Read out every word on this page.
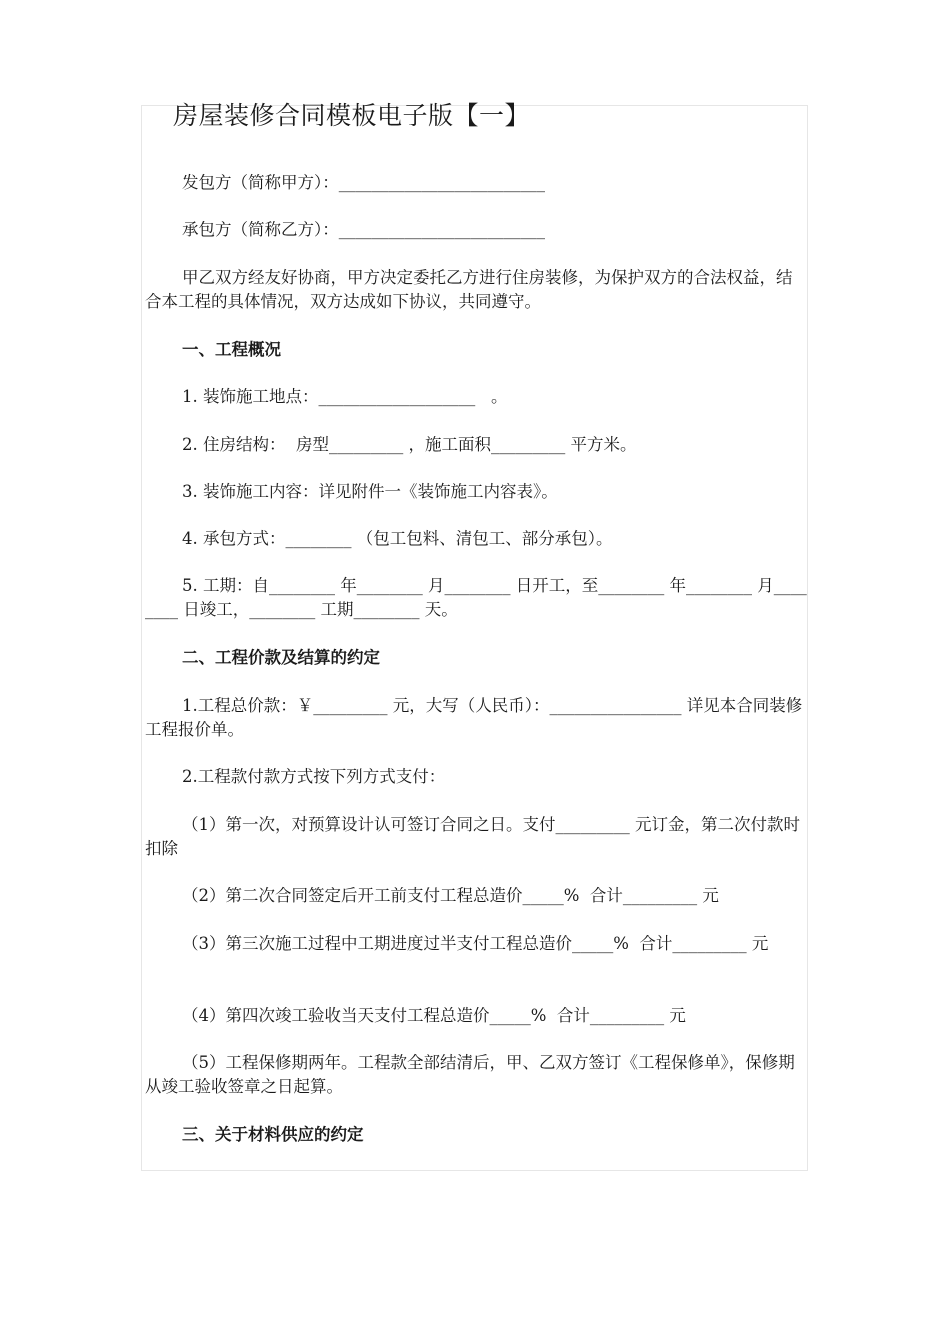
房屋装修合同模板电子版【一】

发包方（简称甲方）：_________________________

承包方（简称乙方）：_________________________

甲乙双方经友好协商，甲方决定委托乙方进行住房装修，为保护双方的合法权益，结合本工程的具体情况，双方达成如下协议，共同遵守。

一、工程概况

1. 装饰施工地点：___________________   。

2. 住房结构：  房型_________ ，施工面积_________ 平方米。

3. 装饰施工内容：详见附件一《装饰施工内容表》。

4. 承包方式：________ （包工包料、清包工、部分承包）。

5. 工期：自________ 年________ 月________ 日开工，至________ 年________ 月________ 日竣工，________ 工期________ 天。

二、工程价款及结算的约定

1.工程总价款：￥_________ 元，大写（人民币）：________________ 详见本合同装修工程报价单。

2.工程款付款方式按下列方式支付：

（1）第一次，对预算设计认可签订合同之日。支付_________ 元订金，第二次付款时扣除

（2）第二次合同签定后开工前支付工程总造价_____%  合计_________ 元

（3）第三次施工过程中工期进度过半支付工程总造价_____%  合计_________ 元

（4）第四次竣工验收当天支付工程总造价_____%  合计_________ 元

（5）工程保修期两年。工程款全部结清后，甲、乙双方签订《工程保修单》，保修期从竣工验收签章之日起算。

三、关于材料供应的约定
